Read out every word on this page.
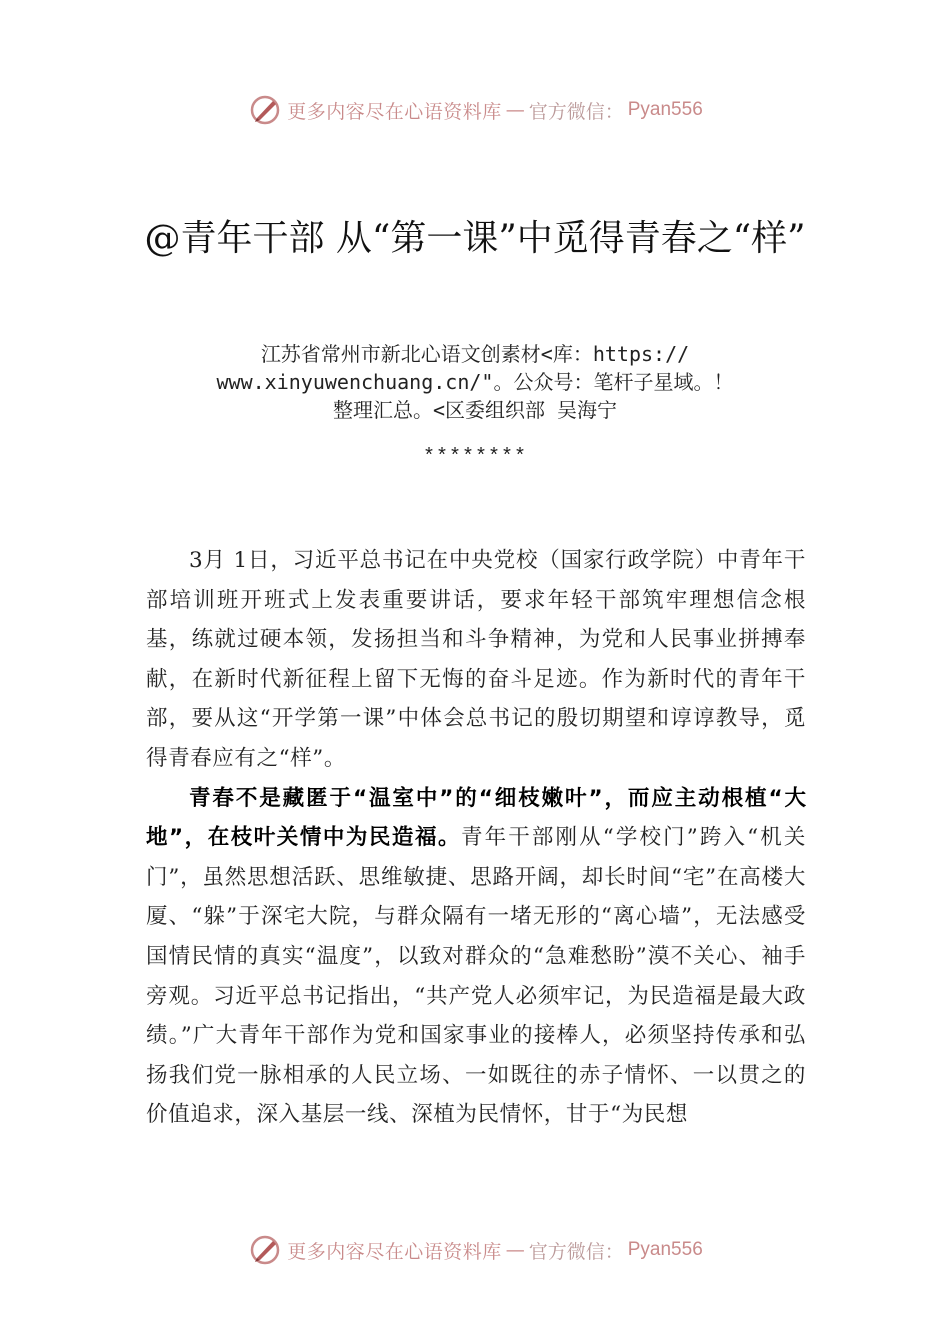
更多内容尽在心语资料库 — 官方微信： Pyan556
@青年干部 从“第一课”中觅得青春之“样”
江苏省常州市新北心语文创素材<库：https://
www.xinyuwenchuang.cn/"。公众号：笔杆子星域。！
整理汇总。<区委组织部 吴海宁
********

3月 1日，习近平总书记在中央党校（国家行政学院）中青年干部培训班开班式上发表重要讲话，要求年轻干部筑牢理想信念根基，练就过硬本领，发扬担当和斗争精神，为党和人民事业拼搏奉献，在新时代新征程上留下无悔的奋斗足迹。作为新时代的青年干部，要从这“开学第一课”中体会总书记的殷切期望和谆谆教导，觅得青春应有之“样”。

青春不是藏匿于“温室中”的“细枝嫩叶”，而应主动根植“大地”，在枝叶关情中为民造福。青年干部刚从“学校门”跨入“机关门”，虽然思想活跃、思维敏捷、思路开阔，却长时间“宅”在高楼大厦、“躲”于深宅大院，与群众隔有一堵无形的“离心墙”，无法感受国情民情的真实“温度”，以致对群众的“急难愁盼”漠不关心、袖手旁观。习近平总书记指出，“共产党人必须牢记，为民造福是最大政绩。”广大青年干部作为党和国家事业的接棒人，必须坚持传承和弘扬我们党一脉相承的人民立场、一如既往的赤子情怀、一以贯之的价值追求，深入基层一线、深植为民情怀，甘于“为民想

更多内容尽在心语资料库 — 官方微信： Pyan556
